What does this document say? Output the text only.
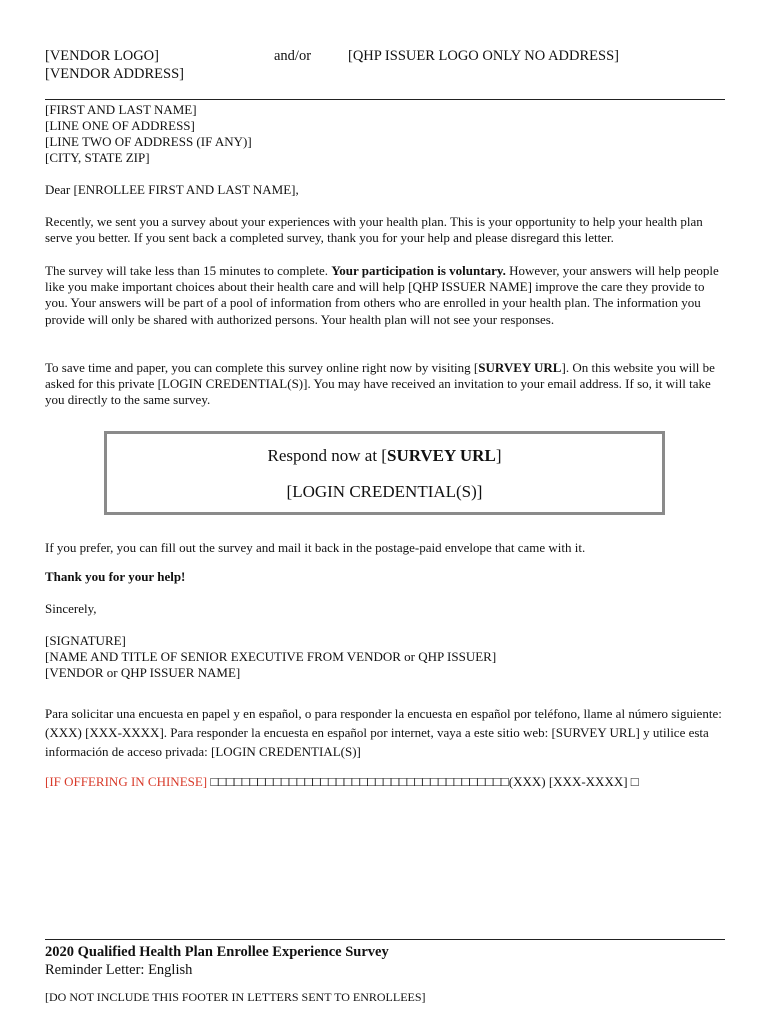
[VENDOR LOGO]
[VENDOR ADDRESS]
and/or	[QHP ISSUER LOGO ONLY NO ADDRESS]
[FIRST AND LAST NAME]
[LINE ONE OF ADDRESS]
[LINE TWO OF ADDRESS (IF ANY)]
[CITY, STATE ZIP]
Dear [ENROLLEE FIRST AND LAST NAME],
Recently, we sent you a survey about your experiences with your health plan. This is your opportunity to help your health plan serve you better. If you sent back a completed survey, thank you for your help and please disregard this letter.
The survey will take less than 15 minutes to complete. Your participation is voluntary. However, your answers will help people like you make important choices about their health care and will help [QHP ISSUER NAME] improve the care they provide to you. Your answers will be part of a pool of information from others who are enrolled in your health plan. The information you provide will only be shared with authorized persons. Your health plan will not see your responses.
To save time and paper, you can complete this survey online right now by visiting [SURVEY URL]. On this website you will be asked for this private [LOGIN CREDENTIAL(S)]. You may have received an invitation to your email address. If so, it will take you directly to the same survey.
Respond now at [SURVEY URL]
[LOGIN CREDENTIAL(S)]
If you prefer, you can fill out the survey and mail it back in the postage-paid envelope that came with it.
Thank you for your help!
Sincerely,
[SIGNATURE]
[NAME AND TITLE OF SENIOR EXECUTIVE FROM VENDOR or QHP ISSUER]
[VENDOR or QHP ISSUER NAME]
Para solicitar una encuesta en papel y en español, o para responder la encuesta en español por teléfono, llame al número siguiente: (XXX) [XXX-XXXX]. Para responder la encuesta en español por internet, vaya a este sitio web: [SURVEY URL] y utilice esta información de acceso privada: [LOGIN CREDENTIAL(S)]
[IF OFFERING IN CHINESE] □□□□□□□□□□□□□□□□□□□□□□□□□□□□□□□□□□□□□□(XXX) [XXX-XXXX] □
2020 Qualified Health Plan Enrollee Experience Survey
Reminder Letter: English
[DO NOT INCLUDE THIS FOOTER IN LETTERS SENT TO ENROLLEES]
